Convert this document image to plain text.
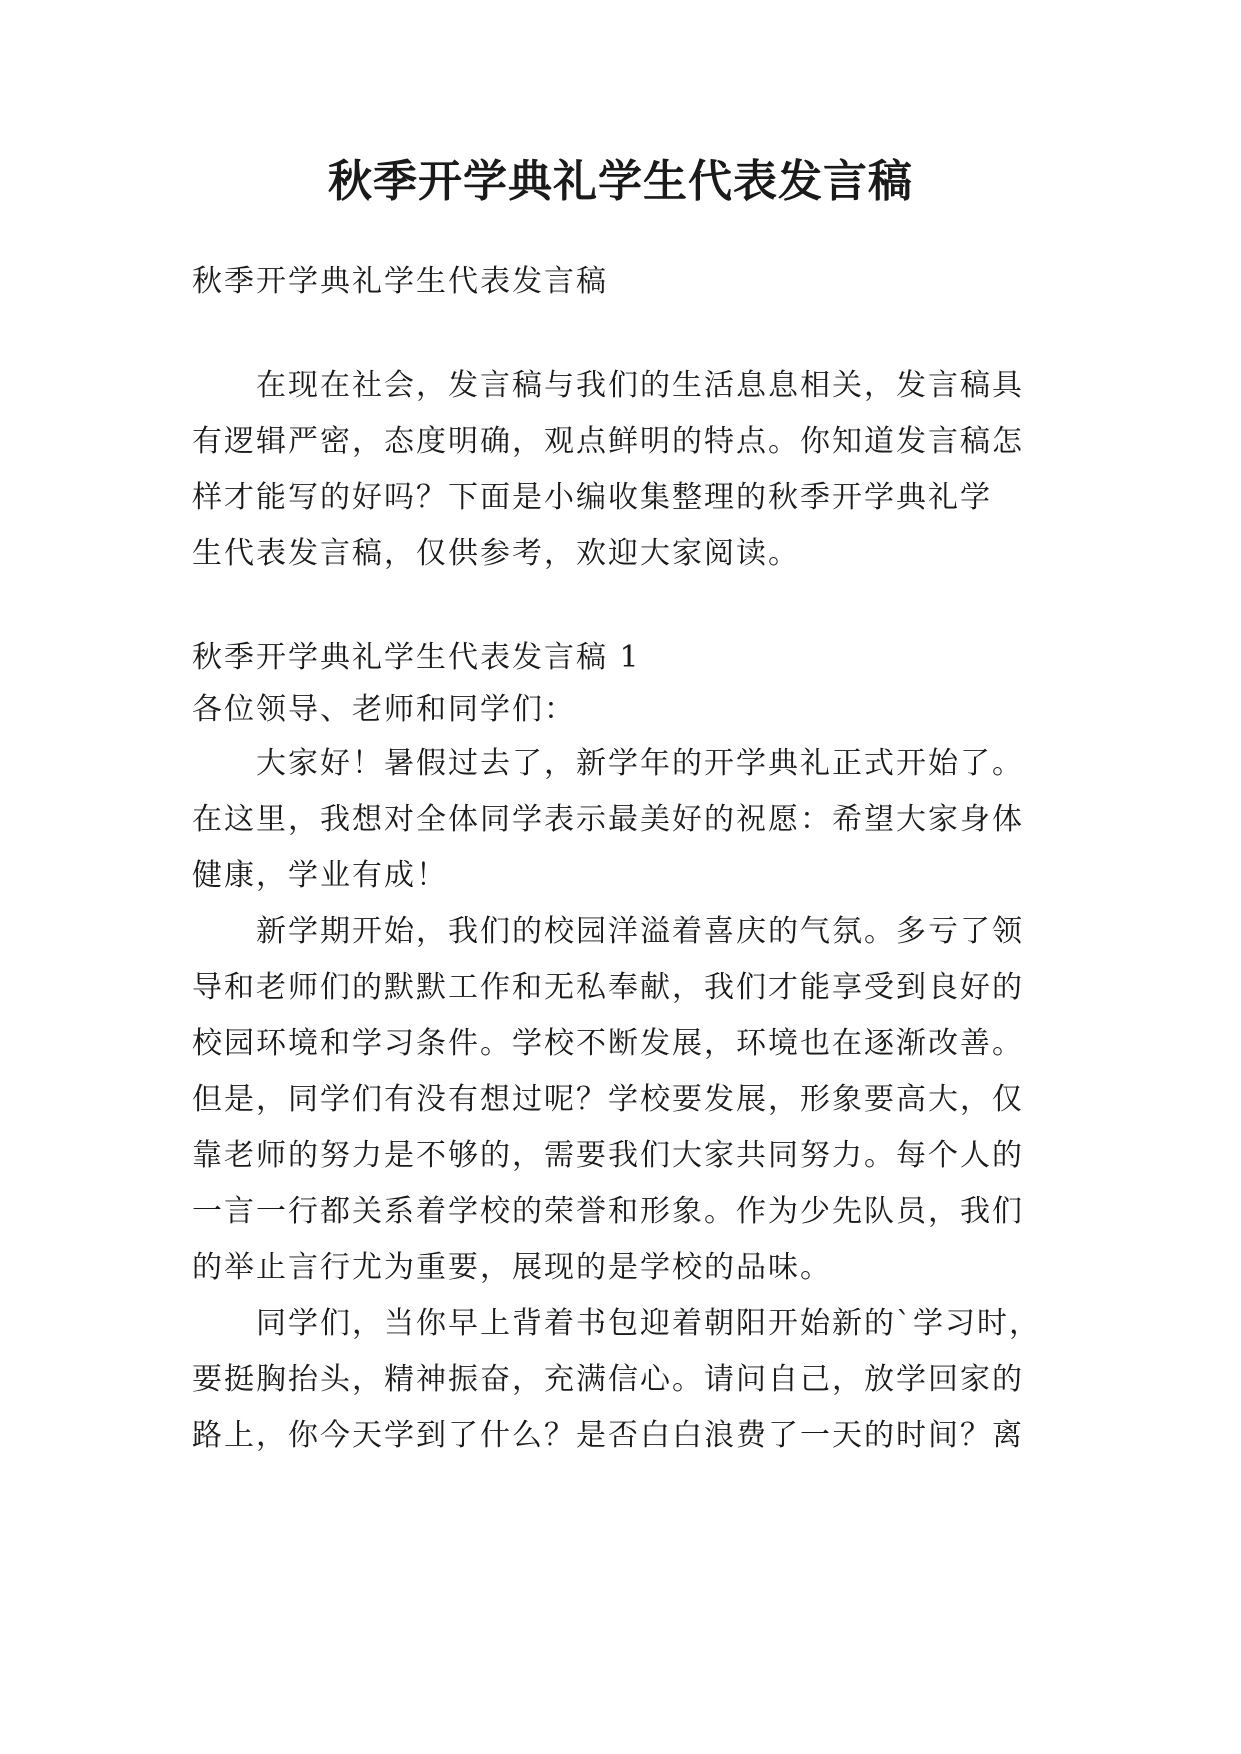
秋季开学典礼学生代表发言稿
秋季开学典礼学生代表发言稿
在现在社会，发言稿与我们的生活息息相关，发言稿具
有逻辑严密，态度明确，观点鲜明的特点。你知道发言稿怎
样才能写的好吗？下面是小编收集整理的秋季开学典礼学
生代表发言稿，仅供参考，欢迎大家阅读。
秋季开学典礼学生代表发言稿 1
各位领导、老师和同学们：
大家好！暑假过去了，新学年的开学典礼正式开始了。
在这里，我想对全体同学表示最美好的祝愿：希望大家身体
健康，学业有成！
新学期开始，我们的校园洋溢着喜庆的气氛。多亏了领
导和老师们的默默工作和无私奉献，我们才能享受到良好的
校园环境和学习条件。学校不断发展，环境也在逐渐改善。
但是，同学们有没有想过呢？学校要发展，形象要高大，仅
靠老师的努力是不够的，需要我们大家共同努力。每个人的
一言一行都关系着学校的荣誉和形象。作为少先队员，我们
的举止言行尤为重要，展现的是学校的品味。
同学们，当你早上背着书包迎着朝阳开始新的`学习时，
要挺胸抬头，精神振奋，充满信心。请问自己，放学回家的
路上，你今天学到了什么？是否白白浪费了一天的时间？离
